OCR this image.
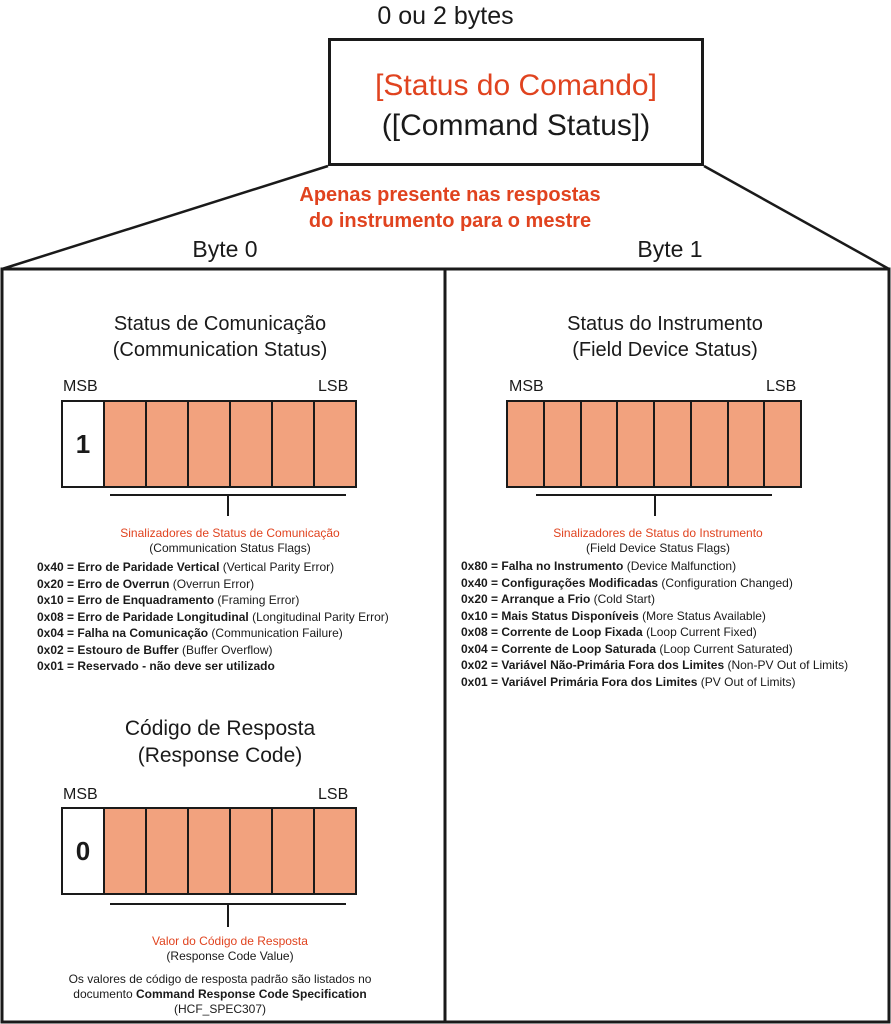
0 ou 2 bytes
[Status do Comando]
([Command Status])
Apenas presente nas respostas
do instrumento para o mestre
Byte 0	Byte 1
Status de Comunicação
(Communication Status)
MSB	LSB
1
Sinalizadores de Status de Comunicação
(Communication Status Flags)
0x40 = Erro de Paridade Vertical (Vertical Parity Error)
0x20 = Erro de Overrun (Overrun Error)
0x10 = Erro de Enquadramento (Framing Error)
0x08 = Erro de Paridade Longitudinal (Longitudinal Parity Error)
0x04 = Falha na Comunicação (Communication Failure)
0x02 = Estouro de Buffer (Buffer Overflow)
0x01 = Reservado - não deve ser utilizado
Código de Resposta
(Response Code)
MSB	LSB
0
Valor do Código de Resposta
(Response Code Value)
Os valores de código de resposta padrão são listados no
documento Command Response Code Specification
(HCF_SPEC307)
Status do Instrumento
(Field Device Status)
MSB	LSB
Sinalizadores de Status do Instrumento
(Field Device Status Flags)
0x80 = Falha no Instrumento (Device Malfunction)
0x40 = Configurações Modificadas (Configuration Changed)
0x20 = Arranque a Frio (Cold Start)
0x10 = Mais Status Disponíveis (More Status Available)
0x08 = Corrente de Loop Fixada (Loop Current Fixed)
0x04 = Corrente de Loop Saturada (Loop Current Saturated)
0x02 = Variável Não-Primária Fora dos Limites (Non-PV Out of Limits)
0x01 = Variável Primária Fora dos Limites (PV Out of Limits)
